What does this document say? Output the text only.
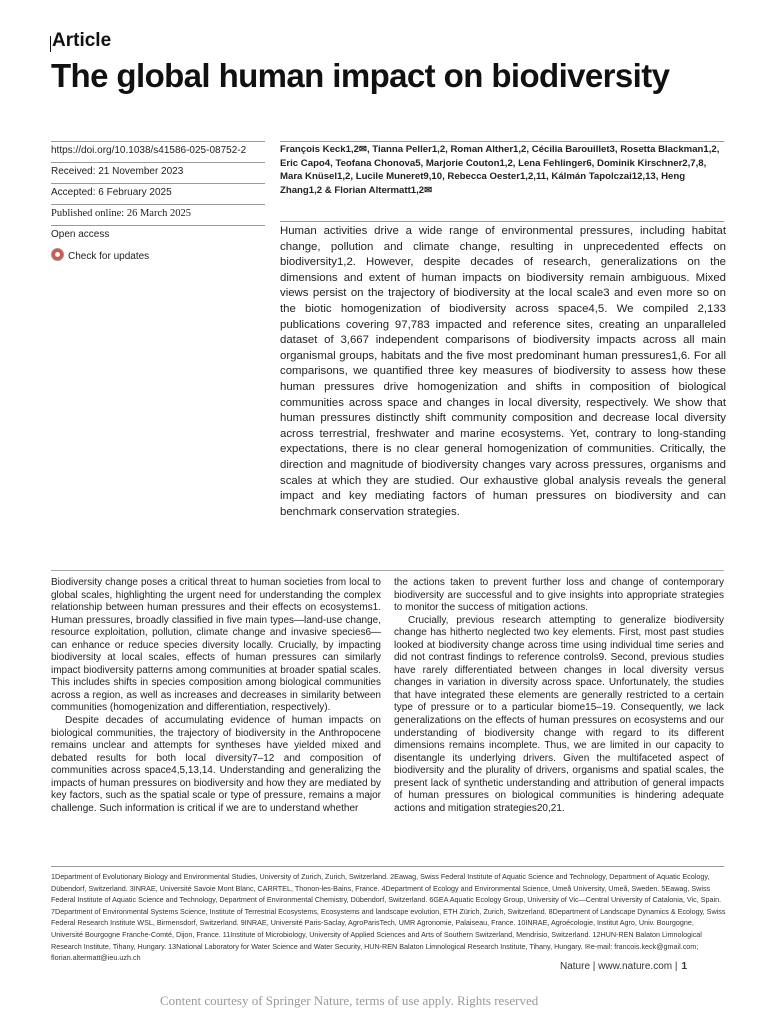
Article
The global human impact on biodiversity
https://doi.org/10.1038/s41586-025-08752-2
Received: 21 November 2023
Accepted: 6 February 2025
Published online: 26 March 2025
Open access
Check for updates
François Keck1,2✉, Tianna Peller1,2, Roman Alther1,2, Cécilia Barouillet3, Rosetta Blackman1,2, Eric Capo4, Teofana Chonova5, Marjorie Couton1,2, Lena Fehlinger6, Dominik Kirschner2,7,8, Mara Knüsel1,2, Lucile Muneret9,10, Rebecca Oester1,2,11, Kálmán Tapolczai12,13, Heng Zhang1,2 & Florian Altermatt1,2✉
Human activities drive a wide range of environmental pressures, including habitat change, pollution and climate change, resulting in unprecedented effects on biodiversity1,2. However, despite decades of research, generalizations on the dimensions and extent of human impacts on biodiversity remain ambiguous. Mixed views persist on the trajectory of biodiversity at the local scale3 and even more so on the biotic homogenization of biodiversity across space4,5. We compiled 2,133 publications covering 97,783 impacted and reference sites, creating an unparalleled dataset of 3,667 independent comparisons of biodiversity impacts across all main organismal groups, habitats and the five most predominant human pressures1,6. For all comparisons, we quantified three key measures of biodiversity to assess how these human pressures drive homogenization and shifts in composition of biological communities across space and changes in local diversity, respectively. We show that human pressures distinctly shift community composition and decrease local diversity across terrestrial, freshwater and marine ecosystems. Yet, contrary to long-standing expectations, there is no clear general homogenization of communities. Critically, the direction and magnitude of biodiversity changes vary across pressures, organisms and scales at which they are studied. Our exhaustive global analysis reveals the general impact and key mediating factors of human pressures on biodiversity and can benchmark conservation strategies.

Biodiversity change poses a critical threat to human societies from local to global scales, highlighting the urgent need for understanding the complex relationship between human pressures and their effects on ecosystems1. Human pressures, broadly classified in five main types—land-use change, resource exploitation, pollution, climate change and invasive species6—can enhance or reduce species diversity locally. Crucially, by impacting biodiversity at local scales, effects of human pressures can similarly impact biodiversity patterns among communities at broader spatial scales. This includes shifts in species composition among biological communities across a region, as well as increases and decreases in similarity between communities (homogenization and differentiation, respectively).

Despite decades of accumulating evidence of human impacts on biological communities, the trajectory of biodiversity in the Anthropocene remains unclear and attempts for syntheses have yielded mixed and debated results for both local diversity7–12 and composition of communities across space4,5,13,14. Understanding and generalizing the impacts of human pressures on biodiversity and how they are mediated by key factors, such as the spatial scale or type of pressure, remains a major challenge. Such information is critical if we are to understand whether

the actions taken to prevent further loss and change of contemporary biodiversity are successful and to give insights into appropriate strategies to monitor the success of mitigation actions.

Crucially, previous research attempting to generalize biodiversity change has hitherto neglected two key elements. First, most past studies looked at biodiversity change across time using individual time series and did not contrast findings to reference controls9. Second, previous studies have rarely differentiated between changes in local diversity versus changes in variation in diversity across space. Unfortunately, the studies that have integrated these elements are generally restricted to a certain type of pressure or to a particular biome15–19. Consequently, we lack generalizations on the effects of human pressures on ecosystems and our understanding of biodiversity change with regard to its different dimensions remains incomplete. Thus, we are limited in our capacity to disentangle its underlying drivers. Given the multifaceted aspect of biodiversity and the plurality of drivers, organisms and spatial scales, the present lack of synthetic understanding and attribution of general impacts of human pressures on biological communities is hindering adequate actions and mitigation strategies20,21.

1Department of Evolutionary Biology and Environmental Studies, University of Zurich, Zurich, Switzerland. 2Eawag, Swiss Federal Institute of Aquatic Science and Technology, Department of Aquatic Ecology, Dübendorf, Switzerland. 3INRAE, Université Savoie Mont Blanc, CARRTEL, Thonon-les-Bains, France. 4Department of Ecology and Environmental Science, Umeå University, Umeå, Sweden. 5Eawag, Swiss Federal Institute of Aquatic Science and Technology, Department of Environmental Chemistry, Dübendorf, Switzerland. 6GEA Aquatic Ecology Group, University of Vic—Central University of Catalonia, Vic, Spain. 7Department of Environmental Systems Science, Institute of Terrestrial Ecosystems, Ecosystems and landscape evolution, ETH Zürich, Zurich, Switzerland. 8Department of Landscape Dynamics & Ecology, Swiss Federal Research Institute WSL, Birmensdorf, Switzerland. 9INRAE, Université Paris-Saclay, AgroParisTech, UMR Agronomie, Palaiseau, France. 10INRAE, Agroécologie, Institut Agro, Univ. Bourgogne, Université Bourgogne Franche-Comté, Dijon, France. 11Institute of Microbiology, University of Applied Sciences and Arts of Southern Switzerland, Mendrisio, Switzerland. 12HUN-REN Balaton Limnological Research Institute, Tihany, Hungary. 13National Laboratory for Water Science and Water Security, HUN-REN Balaton Limnological Research Institute, Tihany, Hungary. ✉e-mail: francois.keck@gmail.com; florian.altermatt@ieu.uzh.ch
Nature | www.nature.com | 1
Content courtesy of Springer Nature, terms of use apply. Rights reserved
